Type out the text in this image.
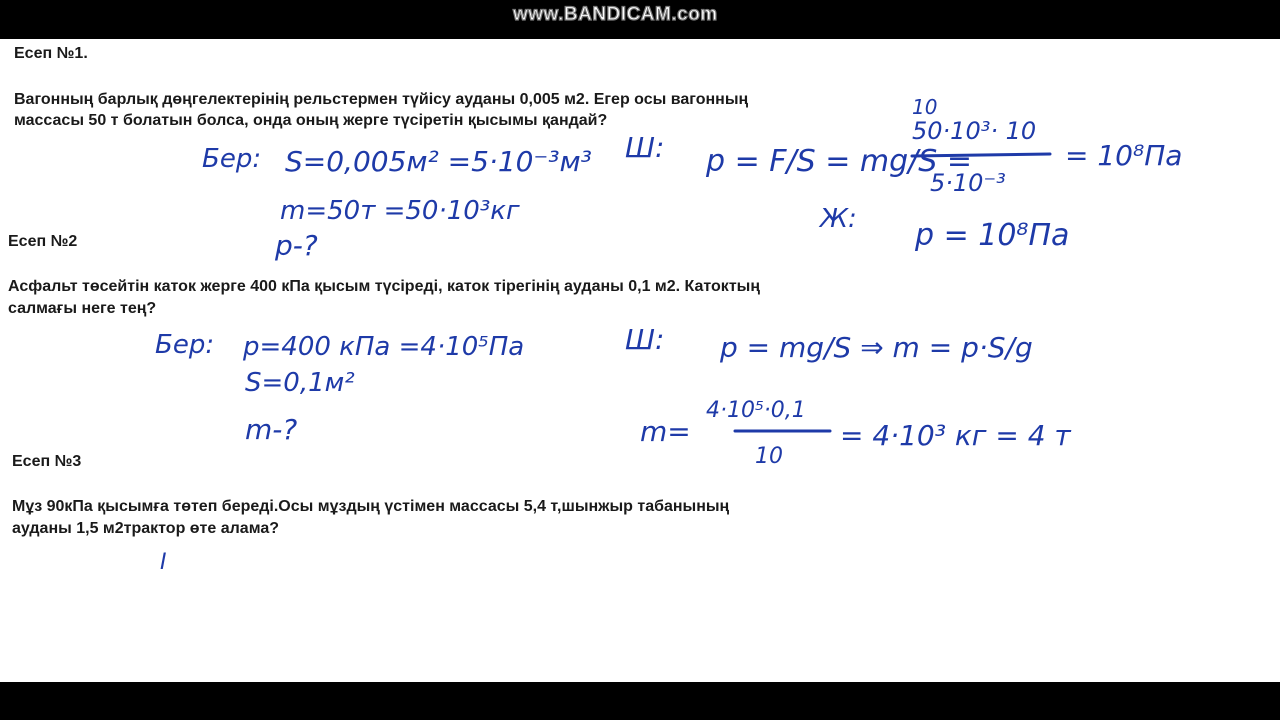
Есеп №1.

Вагонның барлық дөңгелектерінің рельстермен түйісу ауданы 0,005 м2. Егер осы вагонның

массасы 50 т болатын болса, онда оның жерге түсіретін қысымы қандай?

Есеп №2

Асфальт төсейтін каток жерге 400 кПа қысым түсіреді, каток тірегінің ауданы 0,1 м2. Катоктың

салмағы неге тең?

Есеп №3

Мұз 90кПа қысымға төтеп береді.Осы мұздың үстімен массасы 5,4 т,шынжыр табанының

ауданы 1,5 м2трактор өте алама?

Бер: S=0,005м² =5·10⁻³м³
m=50т =50·10³кг
p-?
Ш: p = F/S = mg/S =
10
50·10³· 10
5·10⁻³
= 10⁸Па
Ж: p = 10⁸Па
Бер: p=400 кПа =4·10⁵Па
S=0,1м²
m-?
Ш: p = mg/S ⇒ m = p·S/g
m=
4·10⁵·0,1
10
= 4·10³ кг = 4 т
I
www.BANDICAM.com
